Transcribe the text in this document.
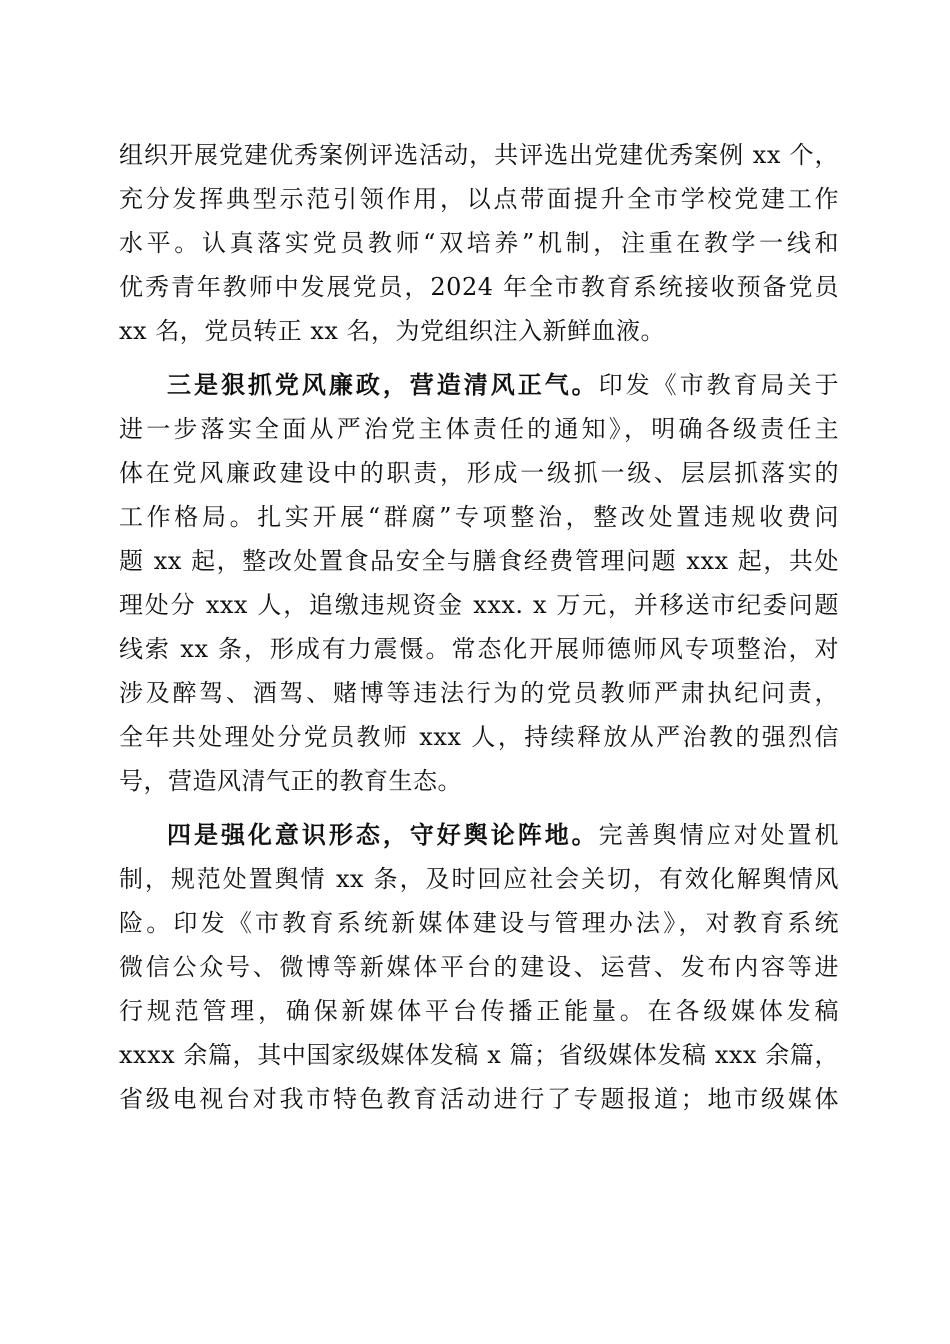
组织开展党建优秀案例评选活动，共评选出党建优秀案例 xx 个，
充分发挥典型示范引领作用，以点带面提升全市学校党建工作
水平。认真落实党员教师“双培养”机制，注重在教学一线和
优秀青年教师中发展党员，2024 年全市教育系统接收预备党员
xx 名，党员转正 xx 名，为党组织注入新鲜血液。
三是狠抓党风廉政，营造清风正气。印发《市教育局关于
进一步落实全面从严治党主体责任的通知》，明确各级责任主
体在党风廉政建设中的职责，形成一级抓一级、层层抓落实的
工作格局。扎实开展“群腐”专项整治，整改处置违规收费问
题 xx 起，整改处置食品安全与膳食经费管理问题 xxx 起，共处
理处分 xxx 人，追缴违规资金 xxx. x 万元，并移送市纪委问题
线索 xx 条，形成有力震慑。常态化开展师德师风专项整治，对
涉及醉驾、酒驾、赌博等违法行为的党员教师严肃执纪问责，
全年共处理处分党员教师 xxx 人，持续释放从严治教的强烈信
号，营造风清气正的教育生态。
四是强化意识形态，守好舆论阵地。完善舆情应对处置机
制，规范处置舆情 xx 条，及时回应社会关切，有效化解舆情风
险。印发《市教育系统新媒体建设与管理办法》，对教育系统
微信公众号、微博等新媒体平台的建设、运营、发布内容等进
行规范管理，确保新媒体平台传播正能量。在各级媒体发稿
xxxx 余篇，其中国家级媒体发稿 x 篇；省级媒体发稿 xxx 余篇，
省级电视台对我市特色教育活动进行了专题报道；地市级媒体
